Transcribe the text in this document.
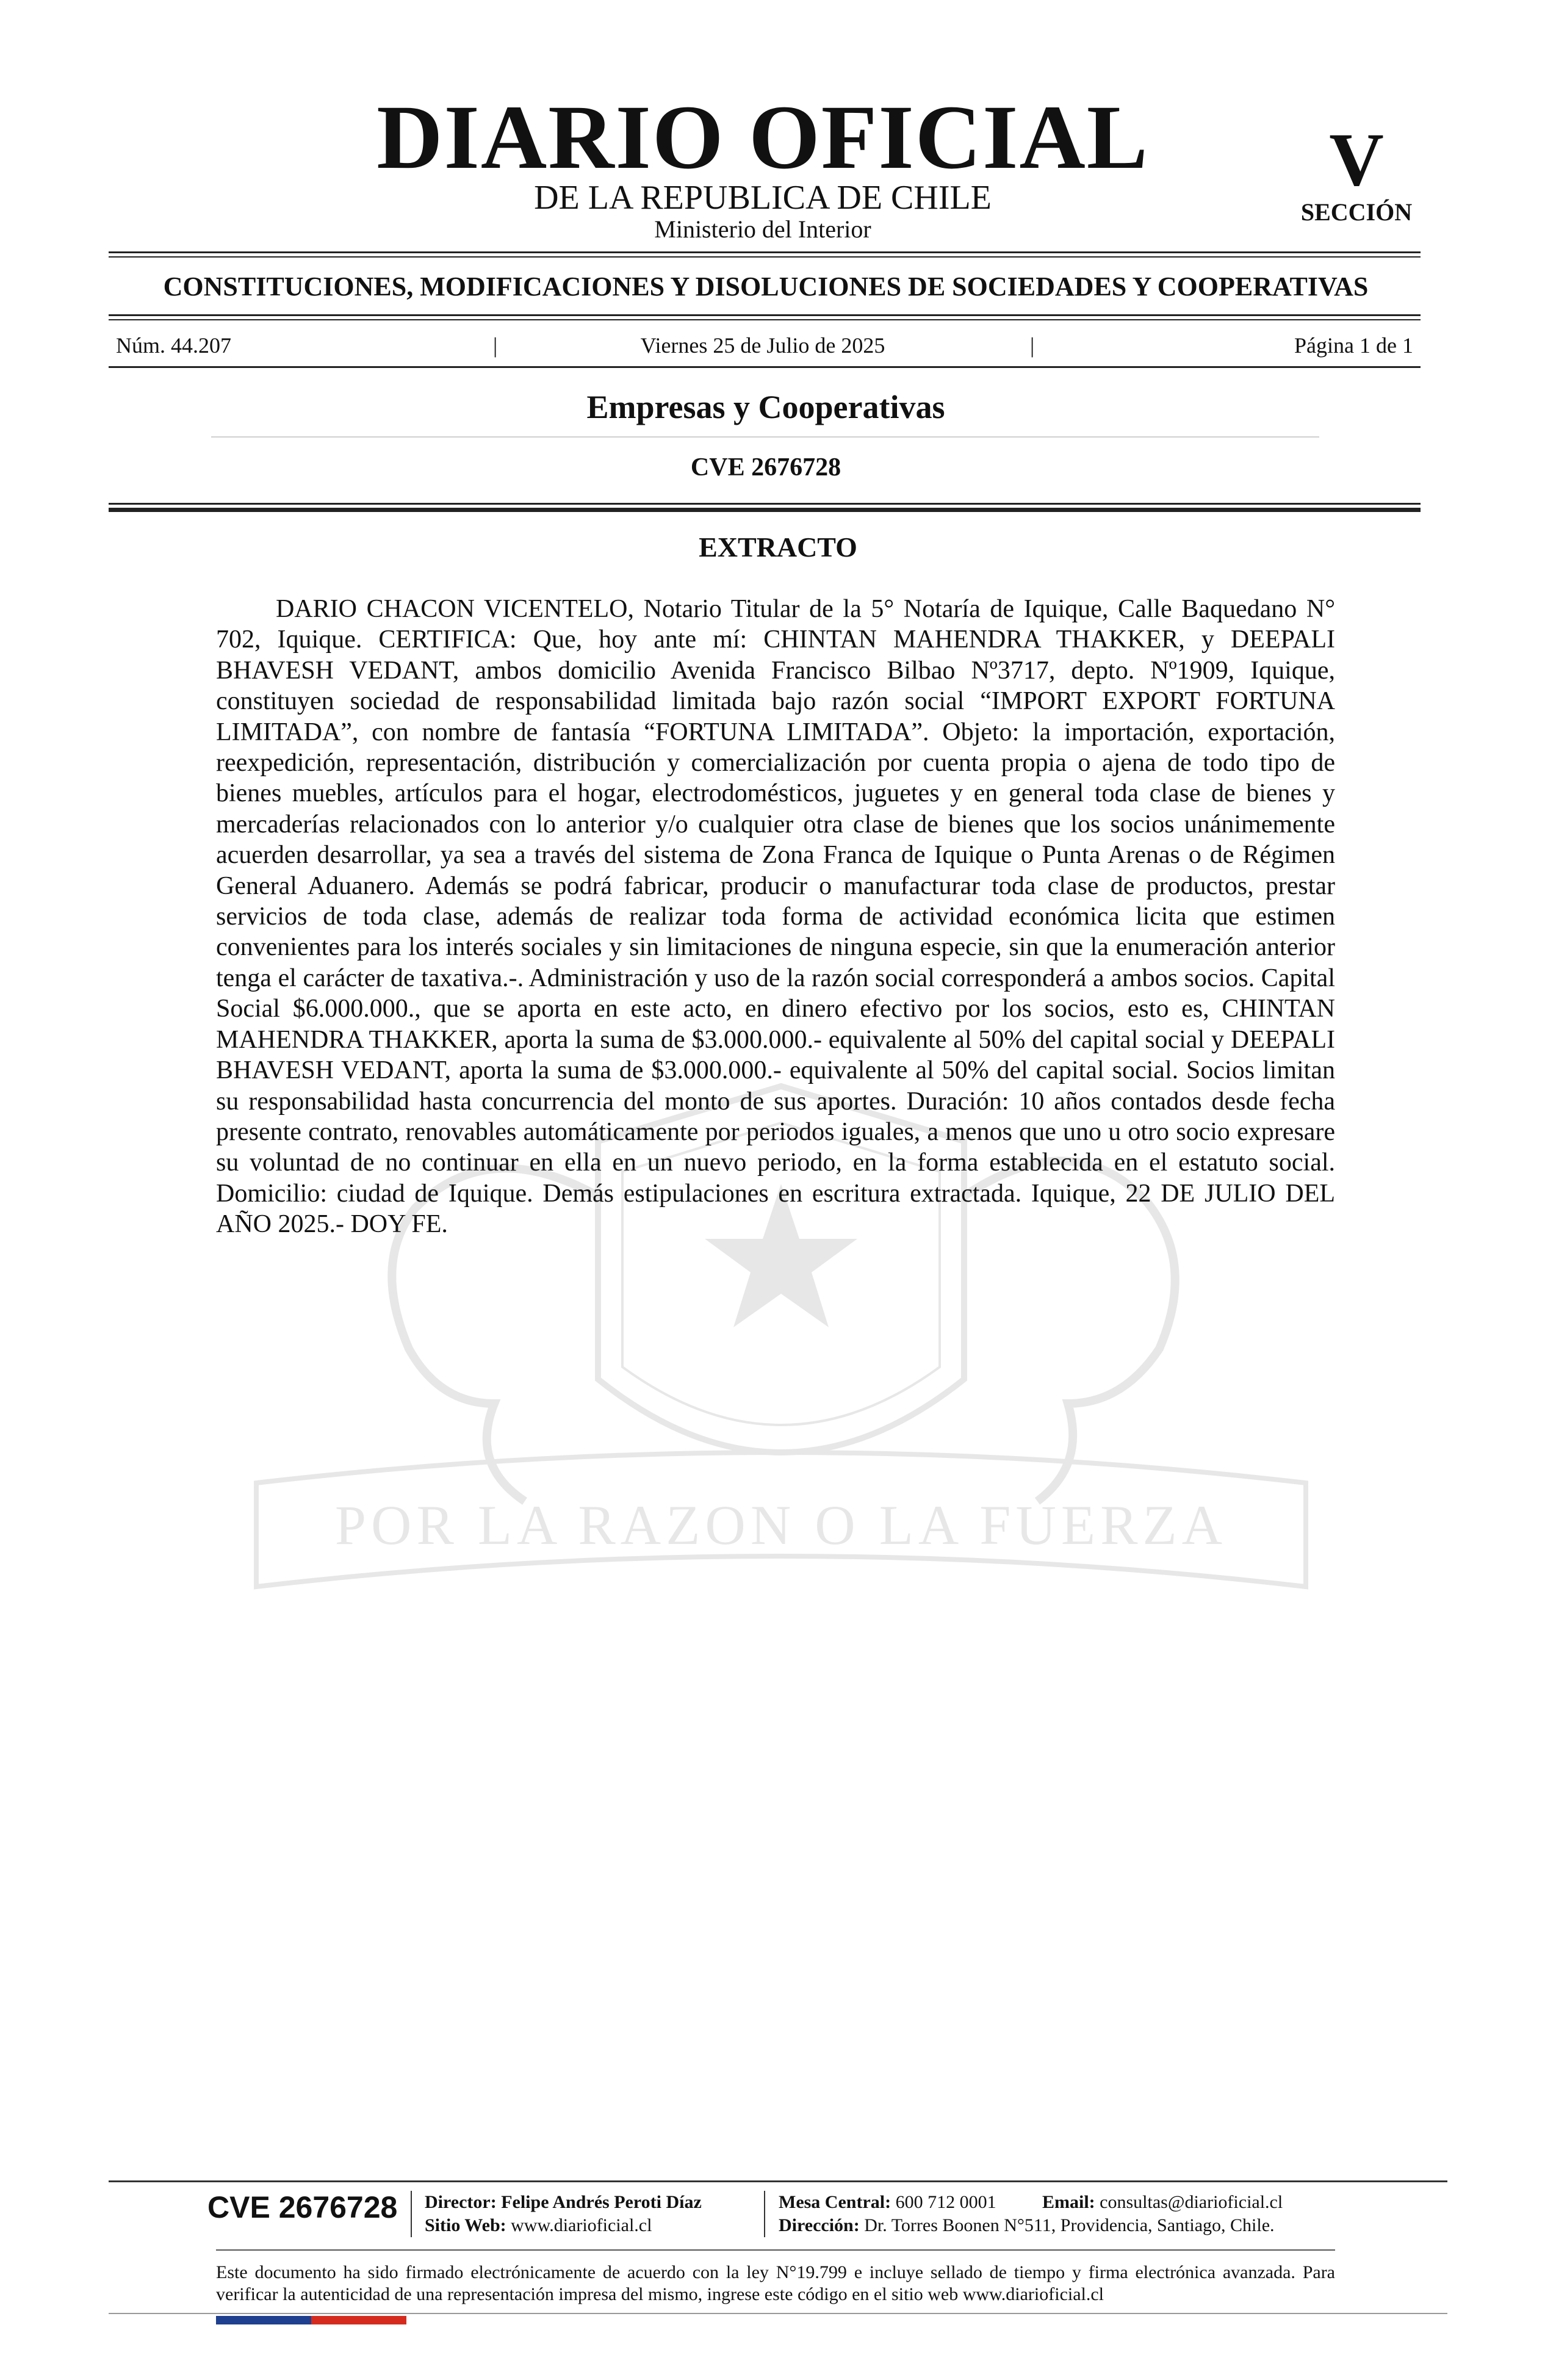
DIARIO OFICIAL
DE LA REPUBLICA DE CHILE
Ministerio del Interior
V
SECCIÓN
CONSTITUCIONES, MODIFICACIONES Y DISOLUCIONES DE SOCIEDADES Y COOPERATIVAS
Núm. 44.207	|	Viernes 25 de Julio de 2025	|	Página 1 de 1
Empresas y Cooperativas
CVE 2676728
POR LA RAZON O LA FUERZA
EXTRACTO
DARIO CHACON VICENTELO, Notario Titular de la 5° Notaría de Iquique, Calle Baquedano N° 702, Iquique. CERTIFICA: Que, hoy ante mí: CHINTAN MAHENDRA THAKKER, y DEEPALI BHAVESH VEDANT, ambos domicilio Avenida Francisco Bilbao Nº3717, depto. Nº1909, Iquique, constituyen sociedad de responsabilidad limitada bajo razón social “IMPORT EXPORT FORTUNA LIMITADA”, con nombre de fantasía “FORTUNA LIMITADA”. Objeto: la importación, exportación, reexpedición, representación, distribución y comercialización por cuenta propia o ajena de todo tipo de bienes muebles, artículos para el hogar, electrodomésticos, juguetes y en general toda clase de bienes y mercaderías relacionados con lo anterior y/o cualquier otra clase de bienes que los socios unánimemente acuerden desarrollar, ya sea a través del sistema de Zona Franca de Iquique o Punta Arenas o de Régimen General Aduanero. Además se podrá fabricar, producir o manufacturar toda clase de productos, prestar servicios de toda clase, además de realizar toda forma de actividad económica licita que estimen convenientes para los interés sociales y sin limitaciones de ninguna especie, sin que la enumeración anterior tenga el carácter de taxativa.-. Administración y uso de la razón social corresponderá a ambos socios. Capital Social $6.000.000., que se aporta en este acto, en dinero efectivo por los socios, esto es, CHINTAN MAHENDRA THAKKER, aporta la suma de $3.000.000.- equivalente al 50% del capital social y DEEPALI BHAVESH VEDANT, aporta la suma de $3.000.000.- equivalente al 50% del capital social. Socios limitan su responsabilidad hasta concurrencia del monto de sus aportes. Duración: 10 años contados desde fecha presente contrato, renovables automáticamente por periodos iguales, a menos que uno u otro socio expresare su voluntad de no continuar en ella en un nuevo periodo, en la forma establecida en el estatuto social. Domicilio: ciudad de Iquique. Demás estipulaciones en escritura extractada. Iquique, 22 DE JULIO DEL AÑO 2025.- DOY FE.
CVE 2676728 Director: Felipe Andrés Peroti Díaz
Sitio Web: www.diarioficial.cl
Mesa Central: 600 712 0001	Email: consultas@diarioficial.cl
Dirección: Dr. Torres Boonen N°511, Providencia, Santiago, Chile.
Este documento ha sido firmado electrónicamente de acuerdo con la ley N°19.799 e incluye sellado de tiempo y firma electrónica avanzada. Para verificar la autenticidad de una representación impresa del mismo, ingrese este código en el sitio web www.diarioficial.cl
